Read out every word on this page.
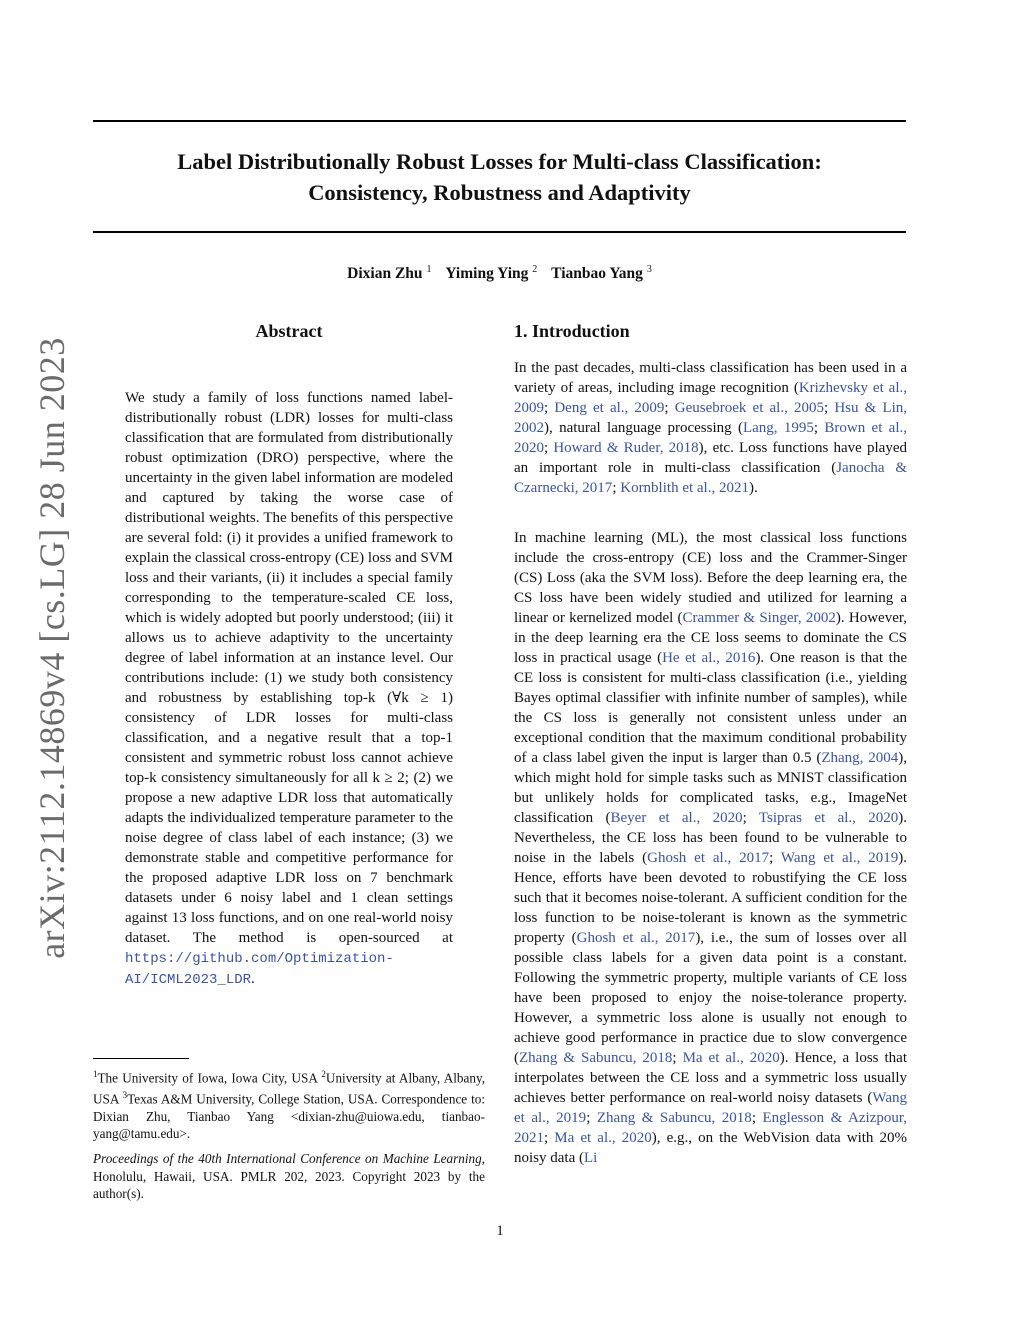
Label Distributionally Robust Losses for Multi-class Classification:
Consistency, Robustness and Adaptivity
Dixian Zhu $^1$ Yiming Ying $^2$ Tianbao Yang $^3$
arXiv:2112.14869v4 [cs.LG] 28 Jun 2023
Abstract
We study a family of loss functions named label-distributionally robust (LDR) losses for multi-class classification that are formulated from distributionally robust optimization (DRO) perspective, where the uncertainty in the given label information are modeled and captured by taking the worse case of distributional weights. The benefits of this perspective are several fold: (i) it provides a unified framework to explain the classical cross-entropy (CE) loss and SVM loss and their variants, (ii) it includes a special family corresponding to the temperature-scaled CE loss, which is widely adopted but poorly understood; (iii) it allows us to achieve adaptivity to the uncertainty degree of label information at an instance level. Our contributions include: (1) we study both consistency and robustness by establishing top-k (∀k ≥ 1) consistency of LDR losses for multi-class classification, and a negative result that a top-1 consistent and symmetric robust loss cannot achieve top-k consistency simultaneously for all k ≥ 2; (2) we propose a new adaptive LDR loss that automatically adapts the individualized temperature parameter to the noise degree of class label of each instance; (3) we demonstrate stable and competitive performance for the proposed adaptive LDR loss on 7 benchmark datasets under 6 noisy label and 1 clean settings against 13 loss functions, and on one real-world noisy dataset. The method is open-sourced at https://github.com/Optimization-AI/ICML2023_LDR.
$^1$The University of Iowa, Iowa City, USA $^2$University at Albany, Albany, USA $^3$Texas A&M University, College Station, USA. Correspondence to: Dixian Zhu, Tianbao Yang <dixian-zhu@uiowa.edu, tianbao-yang@tamu.edu>.
Proceedings of the 40th International Conference on Machine Learning, Honolulu, Hawaii, USA. PMLR 202, 2023. Copyright 2023 by the author(s).
1. Introduction
In the past decades, multi-class classification has been used in a variety of areas, including image recognition (Krizhevsky et al., 2009; Deng et al., 2009; Geusebroek et al., 2005; Hsu & Lin, 2002), natural language processing (Lang, 1995; Brown et al., 2020; Howard & Ruder, 2018), etc. Loss functions have played an important role in multi-class classification (Janocha & Czarnecki, 2017; Kornblith et al., 2021).
In machine learning (ML), the most classical loss functions include the cross-entropy (CE) loss and the Crammer-Singer (CS) Loss (aka the SVM loss). Before the deep learning era, the CS loss have been widely studied and utilized for learning a linear or kernelized model (Crammer & Singer, 2002). However, in the deep learning era the CE loss seems to dominate the CS loss in practical usage (He et al., 2016). One reason is that the CE loss is consistent for multi-class classification (i.e., yielding Bayes optimal classifier with infinite number of samples), while the CS loss is generally not consistent unless under an exceptional condition that the maximum conditional probability of a class label given the input is larger than 0.5 (Zhang, 2004), which might hold for simple tasks such as MNIST classification but unlikely holds for complicated tasks, e.g., ImageNet classification (Beyer et al., 2020; Tsipras et al., 2020). Nevertheless, the CE loss has been found to be vulnerable to noise in the labels (Ghosh et al., 2017; Wang et al., 2019). Hence, efforts have been devoted to robustifying the CE loss such that it becomes noise-tolerant. A sufficient condition for the loss function to be noise-tolerant is known as the symmetric property (Ghosh et al., 2017), i.e., the sum of losses over all possible class labels for a given data point is a constant. Following the symmetric property, multiple variants of CE loss have been proposed to enjoy the noise-tolerance property. However, a symmetric loss alone is usually not enough to achieve good performance in practice due to slow convergence (Zhang & Sabuncu, 2018; Ma et al., 2020). Hence, a loss that interpolates between the CE loss and a symmetric loss usually achieves better performance on real-world noisy datasets (Wang et al., 2019; Zhang & Sabuncu, 2018; Englesson & Azizpour, 2021; Ma et al., 2020), e.g., on the WebVision data with 20% noisy data (Li
1
